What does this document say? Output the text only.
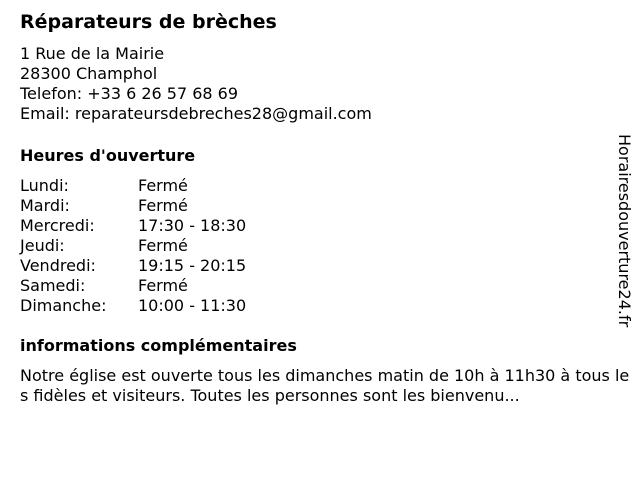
Réparateurs de brèches
1 Rue de la Mairie
28300 Champhol
Telefon: +33 6 26 57 68 69
Email: reparateursdebreches28@gmail.com
Heures d'ouverture
Lundi:	Fermé
Mardi:	Fermé
Mercredi:	17:30 - 18:30
Jeudi:	Fermé
Vendredi:	19:15 - 20:15
Samedi:	Fermé
Dimanche:	10:00 - 11:30
informations complémentaires
Notre église est ouverte tous les dimanches matin de 10h à 11h30 à tous les fidèles et visiteurs. Toutes les personnes sont les bienvenu...
Horairesdouverture24.fr
